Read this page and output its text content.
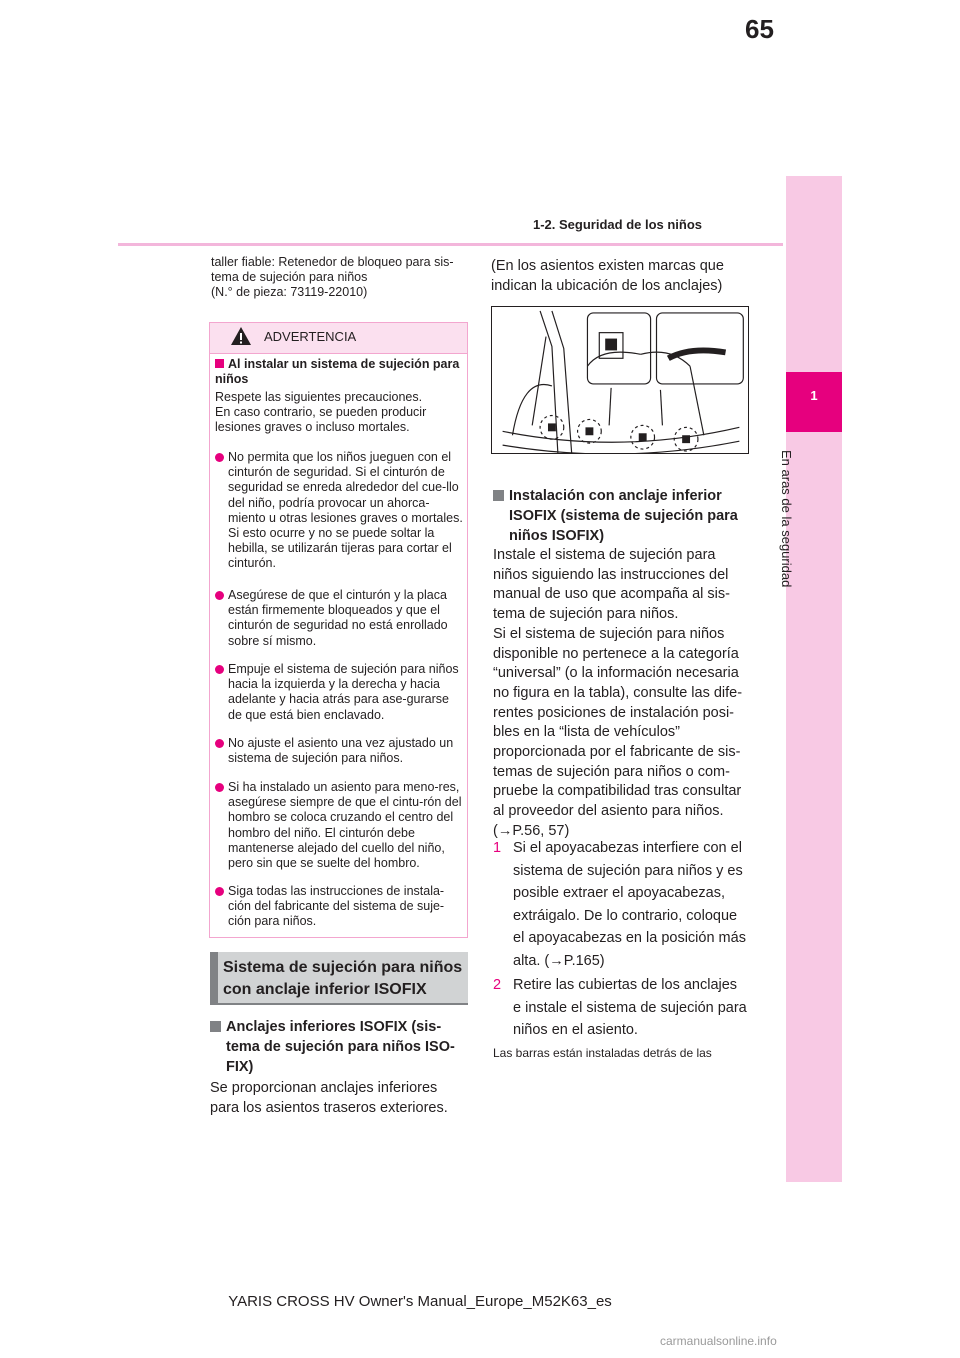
65
1-2. Seguridad de los niños
1
En aras de la seguridad
taller fiable: Retenedor de bloqueo para sis-
tema de sujeción para niños
(N.° de pieza: 73119-22010)
ADVERTENCIA
Al instalar un sistema de sujeción para niños
Respete las siguientes precauciones.
En caso contrario, se pueden producir lesiones graves o incluso mortales.
No permita que los niños jueguen con el cinturón de seguridad. Si el cinturón de seguridad se enreda alrededor del cue-llo del niño, podría provocar un ahorca-miento u otras lesiones graves o mortales. Si esto ocurre y no se puede soltar la hebilla, se utilizarán tijeras para cortar el cinturón.
Asegúrese de que el cinturón y la placa están firmemente bloqueados y que el cinturón de seguridad no está enrollado sobre sí mismo.
Empuje el sistema de sujeción para niños hacia la izquierda y la derecha y hacia adelante y hacia atrás para ase-gurarse de que está bien enclavado.
No ajuste el asiento una vez ajustado un sistema de sujeción para niños.
Si ha instalado un asiento para meno-res, asegúrese siempre de que el cintu-rón del hombro se coloca cruzando el centro del hombro del niño. El cinturón debe mantenerse alejado del cuello del niño, pero sin que se suelte del hombro.
Siga todas las instrucciones de instala-ción del fabricante del sistema de suje-ción para niños.
Sistema de sujeción para niños con anclaje inferior ISOFIX
Anclajes inferiores ISOFIX (sis-tema de sujeción para niños ISO-FIX)
Se proporcionan anclajes inferiores para los asientos traseros exteriores.
(En los asientos existen marcas que indican la ubicación de los anclajes)
Instalación con anclaje inferior ISOFIX (sistema de sujeción para niños ISOFIX)
Instale el sistema de sujeción para niños siguiendo las instrucciones del manual de uso que acompaña al sis-tema de sujeción para niños.
Si el sistema de sujeción para niños disponible no pertenece a la categoría “universal” (o la información necesaria no figura en la tabla), consulte las dife-rentes posiciones de instalación posi-bles en la “lista de vehículos” proporcionada por el fabricante de sis-temas de sujeción para niños o com-pruebe la compatibilidad tras consultar al proveedor del asiento para niños.
(→P.56, 57)
1 Si el apoyacabezas interfiere con el sistema de sujeción para niños y es posible extraer el apoyacabezas, extráigalo. De lo contrario, coloque el apoyacabezas en la posición más alta. (→P.165)
2 Retire las cubiertas de los anclajes e instale el sistema de sujeción para niños en el asiento.
Las barras están instaladas detrás de las
YARIS CROSS HV Owner's Manual_Europe_M52K63_es
carmanualsonline.info
